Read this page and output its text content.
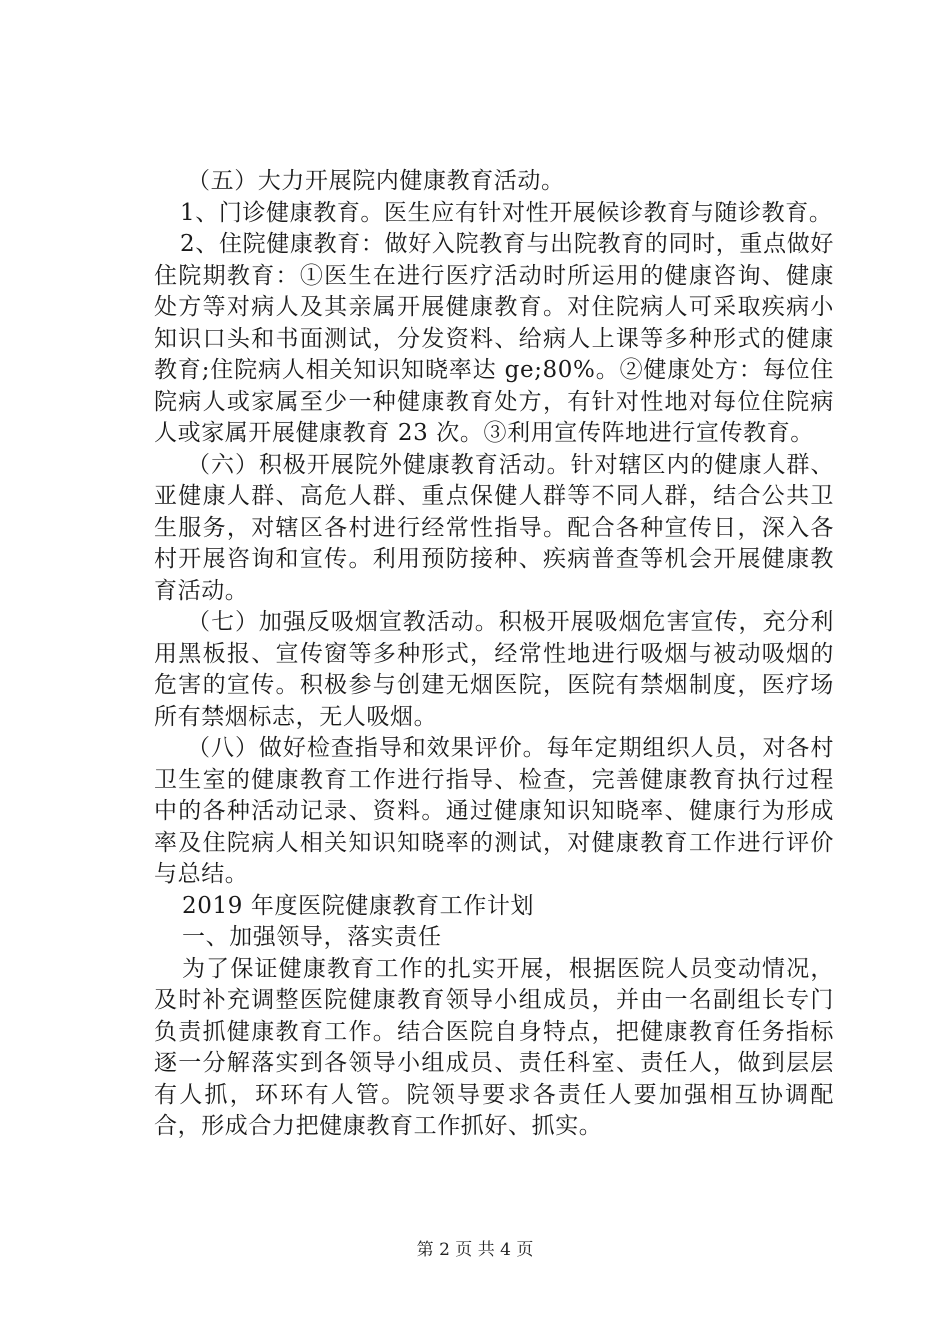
（五）大力开展院内健康教育活动。

1、门诊健康教育。医生应有针对性开展候诊教育与随诊教育。

2、住院健康教育：做好入院教育与出院教育的同时，重点做好住院期教育：①医生在进行医疗活动时所运用的健康咨询、健康处方等对病人及其亲属开展健康教育。对住院病人可采取疾病小知识口头和书面测试，分发资料、给病人上课等多种形式的健康教育;住院病人相关知识知晓率达 ge;80%。②健康处方：每位住院病人或家属至少一种健康教育处方，有针对性地对每位住院病人或家属开展健康教育 23 次。③利用宣传阵地进行宣传教育。

（六）积极开展院外健康教育活动。针对辖区内的健康人群、亚健康人群、高危人群、重点保健人群等不同人群，结合公共卫生服务，对辖区各村进行经常性指导。配合各种宣传日，深入各村开展咨询和宣传。利用预防接种、疾病普查等机会开展健康教育活动。

（七）加强反吸烟宣教活动。积极开展吸烟危害宣传，充分利用黑板报、宣传窗等多种形式，经常性地进行吸烟与被动吸烟的危害的宣传。积极参与创建无烟医院，医院有禁烟制度，医疗场所有禁烟标志，无人吸烟。

（八）做好检查指导和效果评价。每年定期组织人员，对各村卫生室的健康教育工作进行指导、检查，完善健康教育执行过程中的各种活动记录、资料。通过健康知识知晓率、健康行为形成率及住院病人相关知识知晓率的测试，对健康教育工作进行评价与总结。

2019 年度医院健康教育工作计划

一、加强领导，落实责任

为了保证健康教育工作的扎实开展，根据医院人员变动情况，及时补充调整医院健康教育领导小组成员，并由一名副组长专门负责抓健康教育工作。结合医院自身特点，把健康教育任务指标逐一分解落实到各领导小组成员、责任科室、责任人，做到层层有人抓，环环有人管。院领导要求各责任人要加强相互协调配合，形成合力把健康教育工作抓好、抓实。

第 2 页 共 4 页
